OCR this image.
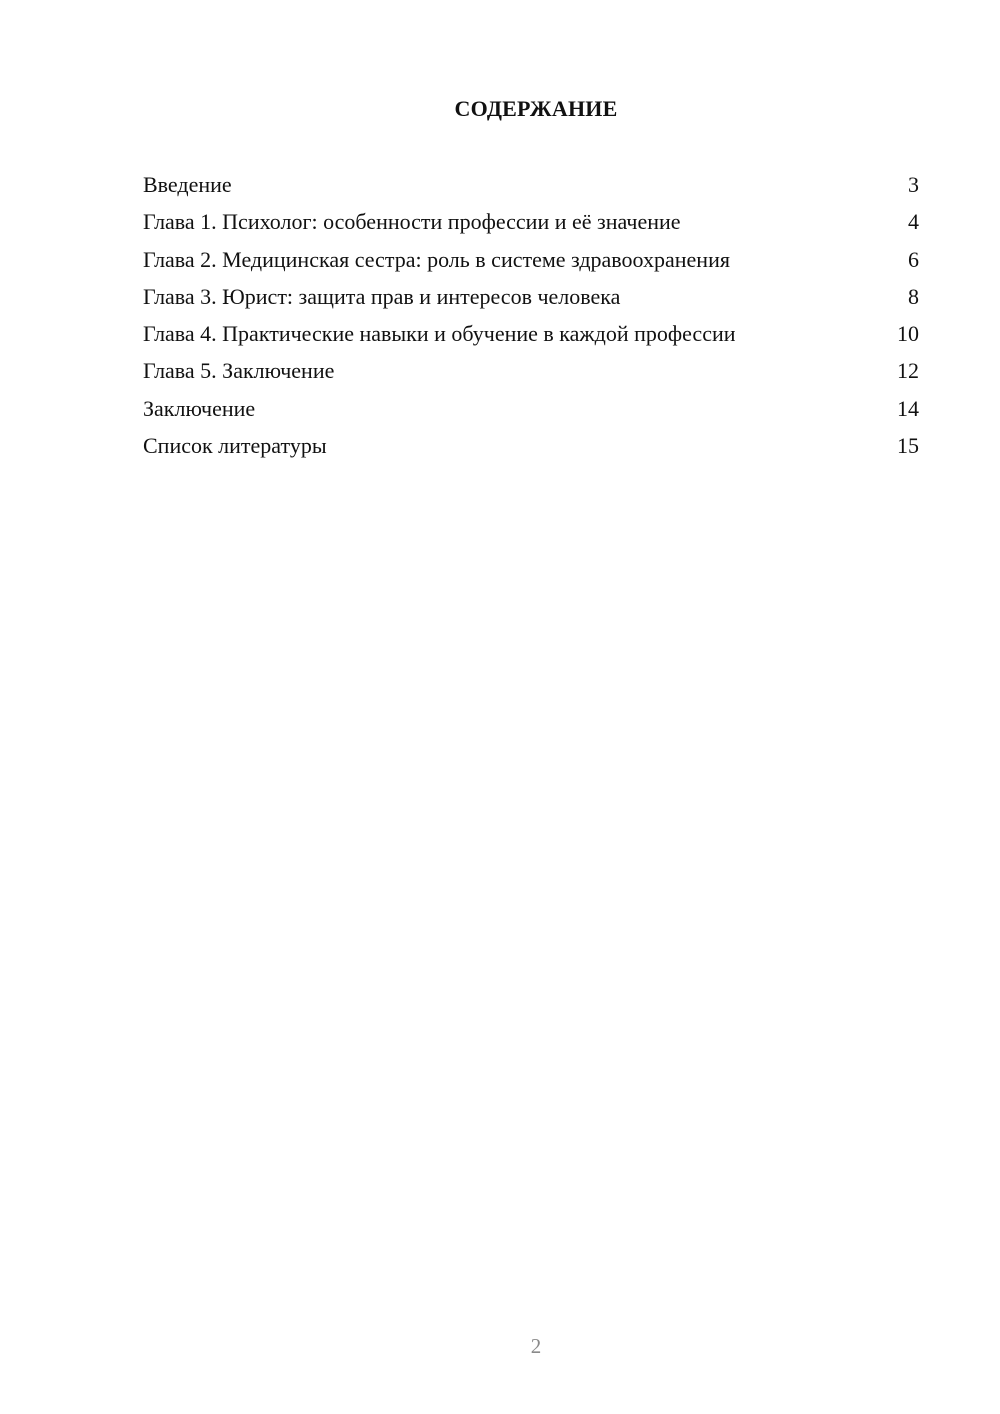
СОДЕРЖАНИЕ
Введение	3
Глава 1. Психолог: особенности профессии и её значение	4
Глава 2. Медицинская сестра: роль в системе здравоохранения	6
Глава 3. Юрист: защита прав и интересов человека	8
Глава 4. Практические навыки и обучение в каждой профессии	10
Глава 5. Заключение	12
Заключение	14
Список литературы	15
2
